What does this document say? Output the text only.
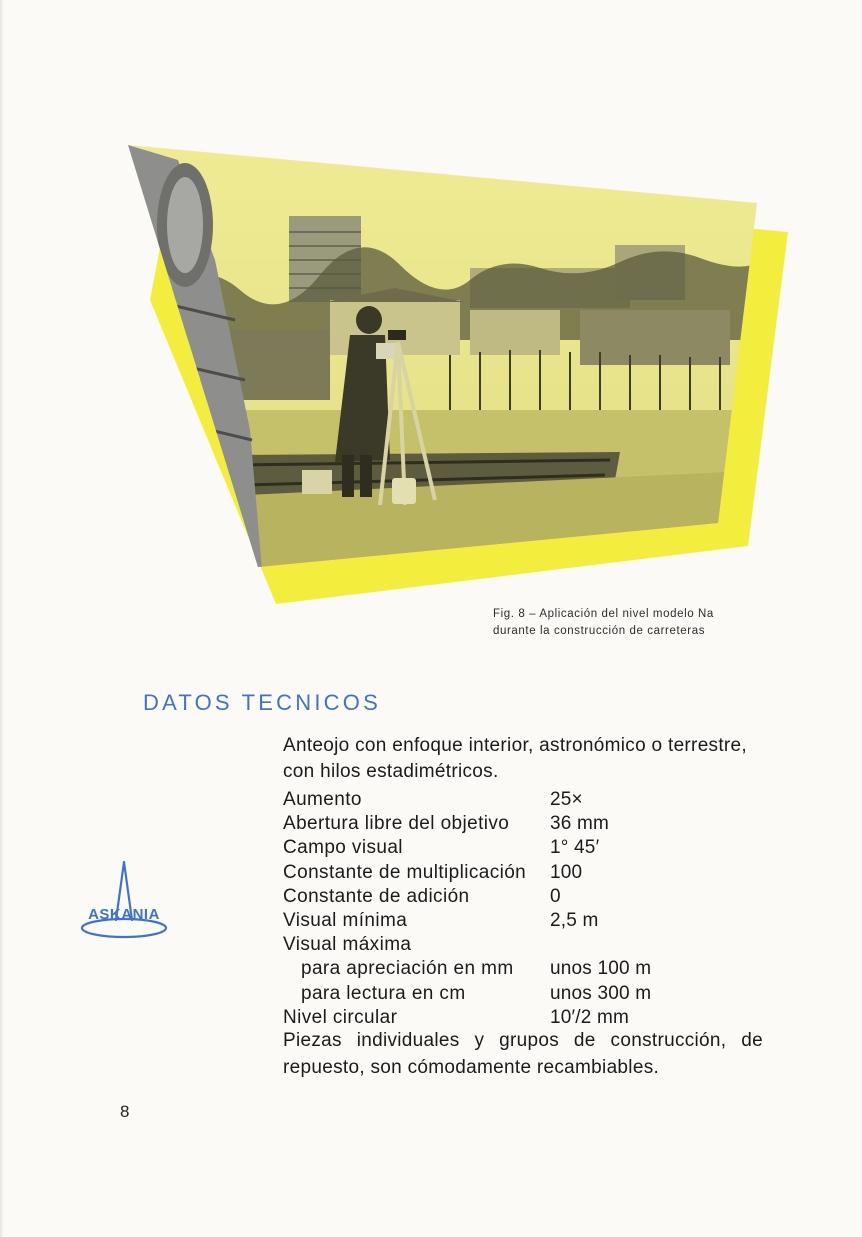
Fig. 8 – Aplicación del nivel modelo Na
durante la construcción de carreteras
DATOS TECNICOS

Anteojo con enfoque interior, astronómico o terrestre, con hilos estadimétricos.

Aumento	25×
Abertura libre del objetivo 36 mm
Campo visual	1° 45′
Constante de multiplicación 100
Constante de adición	0
Visual mínima	2,5 m
Visual máxima
para apreciación en mm unos 100 m
para lectura en cm	unos 300 m
Nivel circular	10′/2 mm

Piezas individuales y grupos de construcción, de repuesto, son cómodamente recambiables.

ASKANIA
8
